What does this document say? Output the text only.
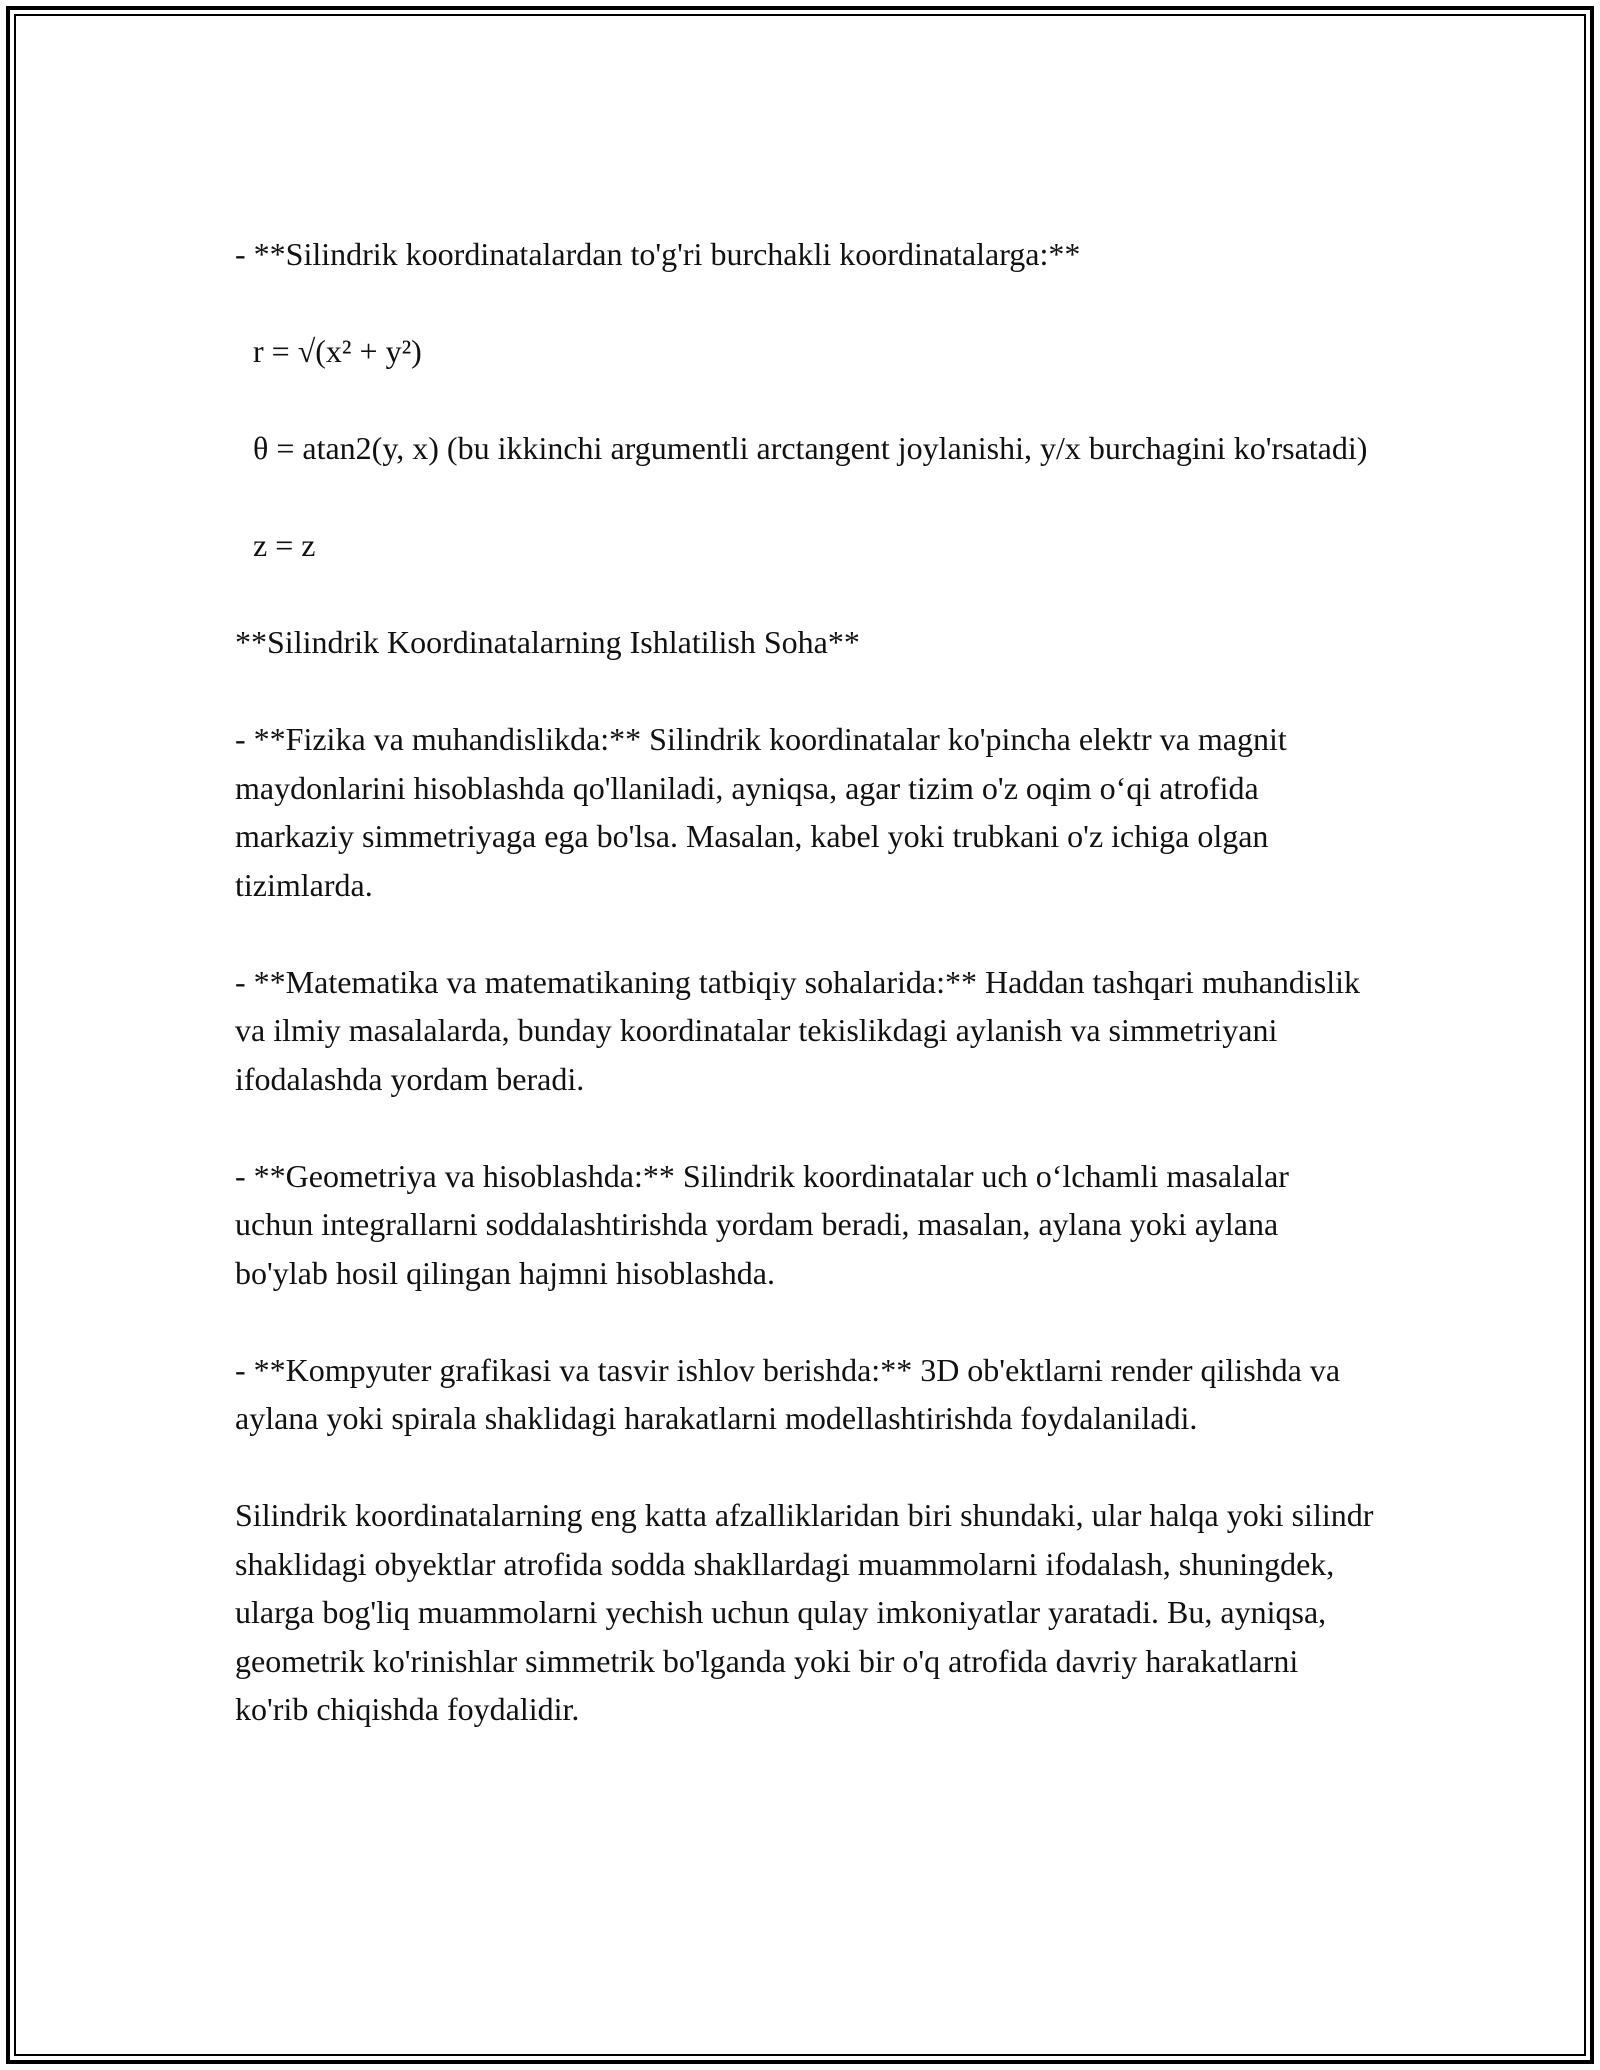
- **Silindrik koordinatalardan to'g'ri burchakli koordinatalarga:**

r = √(x² + y²)

θ = atan2(y, x) (bu ikkinchi argumentli arctangent joylanishi, y/x burchagini ko'rsatadi)

z = z

**Silindrik Koordinatalarning Ishlatilish Soha**

- **Fizika va muhandislikda:** Silindrik koordinatalar ko'pincha elektr va magnit maydonlarini hisoblashda qo'llaniladi, ayniqsa, agar tizim o'z oqim o‘qi atrofida markaziy simmetriyaga ega bo'lsa. Masalan, kabel yoki trubkani o'z ichiga olgan tizimlarda.

- **Matematika va matematikaning tatbiqiy sohalarida:** Haddan tashqari muhandislik va ilmiy masalalarda, bunday koordinatalar tekislikdagi aylanish va simmetriyani ifodalashda yordam beradi.

- **Geometriya va hisoblashda:** Silindrik koordinatalar uch o‘lchamli masalalar uchun integrallarni soddalashtirishda yordam beradi, masalan, aylana yoki aylana bo'ylab hosil qilingan hajmni hisoblashda.

- **Kompyuter grafikasi va tasvir ishlov berishda:** 3D ob'ektlarni render qilishda va aylana yoki spirala shaklidagi harakatlarni modellashtirishda foydalaniladi.

Silindrik koordinatalarning eng katta afzalliklaridan biri shundaki, ular halqa yoki silindr shaklidagi obyektlar atrofida sodda shakllardagi muammolarni ifodalash, shuningdek, ularga bog'liq muammolarni yechish uchun qulay imkoniyatlar yaratadi. Bu, ayniqsa, geometrik ko'rinishlar simmetrik bo'lganda yoki bir o'q atrofida davriy harakatlarni ko'rib chiqishda foydalidir.
